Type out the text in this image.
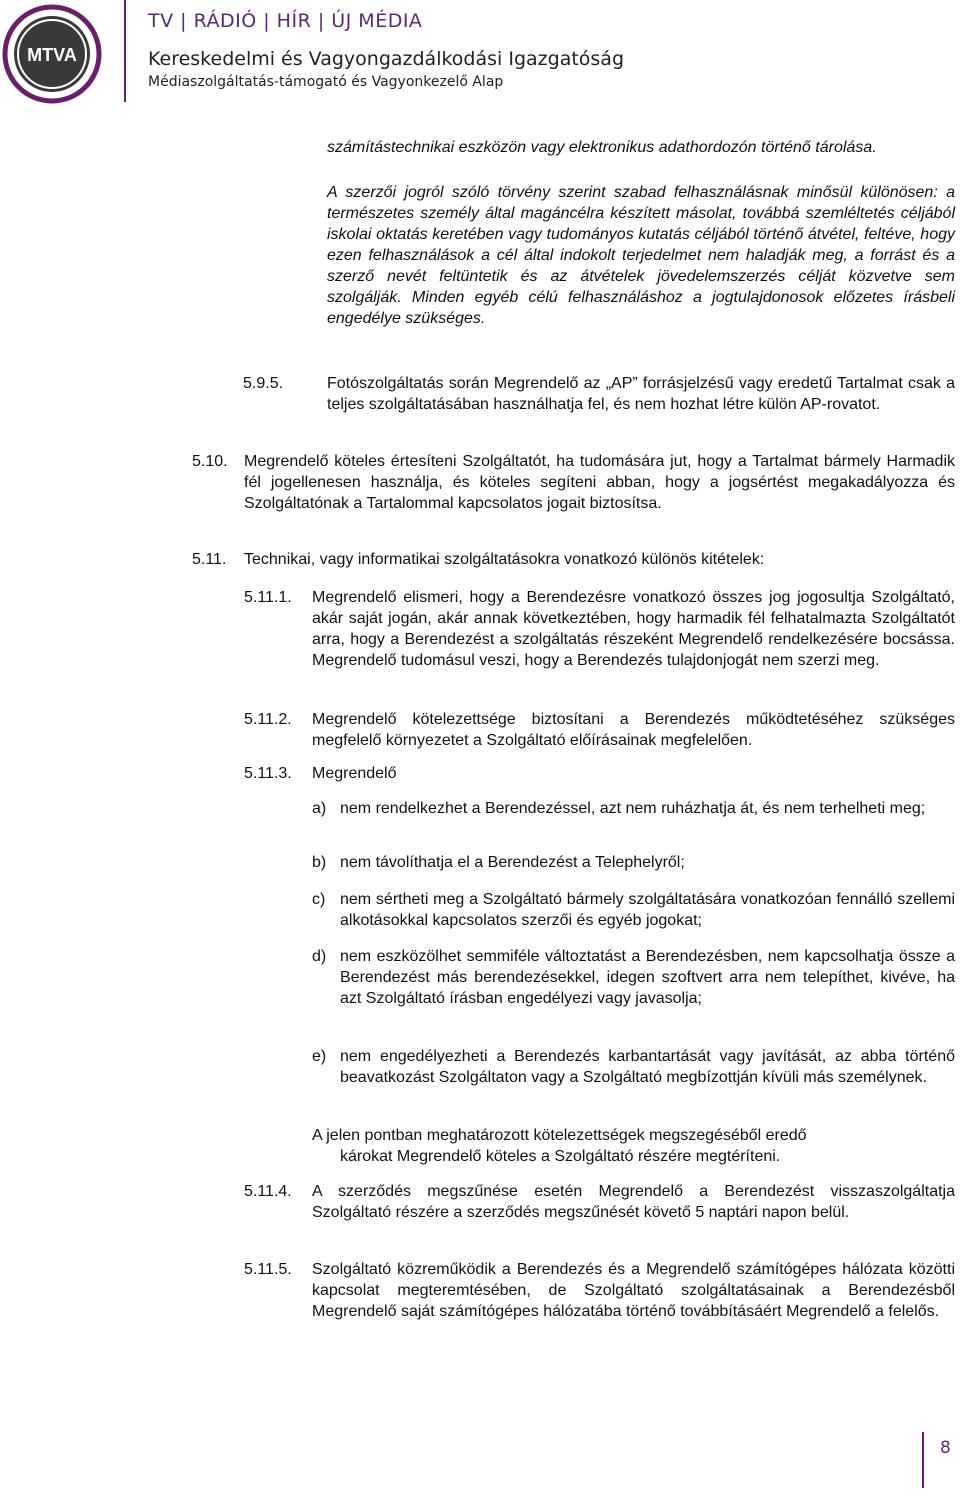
MTVA
TV | RÁDIÓ | HÍR | ÚJ MÉDIA
Kereskedelmi és Vagyongazdálkodási Igazgatóság
Médiaszolgáltatás-támogató és Vagyonkezelő Alap

számítástechnikai eszközön vagy elektronikus adathordozón történő tárolása.

A szerzői jogról szóló törvény szerint szabad felhasználásnak minősül különösen: a természetes személy által magáncélra készített másolat, továbbá szemléltetés céljából iskolai oktatás keretében vagy tudományos kutatás céljából történő átvétel, feltéve, hogy ezen felhasználások a cél által indokolt terjedelmet nem haladják meg, a forrást és a szerző nevét feltüntetik és az átvételek jövedelemszerzés célját közvetve sem szolgálják. Minden egyéb célú felhasználáshoz a jogtulajdonosok előzetes írásbeli engedélye szükséges.

5.9.5.	Fotószolgáltatás során Megrendelő az „AP” forrásjelzésű vagy eredetű Tartalmat csak a teljes szolgáltatásában használhatja fel, és nem hozhat létre külön AP-rovatot.

5.10. Megrendelő köteles értesíteni Szolgáltatót, ha tudomására jut, hogy a Tartalmat bármely Harmadik fél jogellenesen használja, és köteles segíteni abban, hogy a jogsértést megakadályozza és Szolgáltatónak a Tartalommal kapcsolatos jogait biztosítsa.

5.11. Technikai, vagy informatikai szolgáltatásokra vonatkozó különös kitételek:

5.11.1. Megrendelő elismeri, hogy a Berendezésre vonatkozó összes jog jogosultja Szolgáltató, akár saját jogán, akár annak következtében, hogy harmadik fél felhatalmazta Szolgáltatót arra, hogy a Berendezést a szolgáltatás részeként Megrendelő rendelkezésére bocsássa. Megrendelő tudomásul veszi, hogy a Berendezés tulajdonjogát nem szerzi meg.

5.11.2. Megrendelő kötelezettsége biztosítani a Berendezés működtetéséhez szükséges megfelelő környezetet a Szolgáltató előírásainak megfelelően.

5.11.3. Megrendelő

a) nem rendelkezhet a Berendezéssel, azt nem ruházhatja át, és nem terhelheti meg;

b) nem távolíthatja el a Berendezést a Telephelyről;

c) nem sértheti meg a Szolgáltató bármely szolgáltatására vonatkozóan fennálló szellemi alkotásokkal kapcsolatos szerzői és egyéb jogokat;

d) nem eszközölhet semmiféle változtatást a Berendezésben, nem kapcsolhatja össze a Berendezést más berendezésekkel, idegen szoftvert arra nem telepíthet, kivéve, ha azt Szolgáltató írásban engedélyezi vagy javasolja;

e) nem engedélyezheti a Berendezés karbantartását vagy javítását, az abba történő beavatkozást Szolgáltaton vagy a Szolgáltató megbízottján kívüli más személynek.

A jelen pontban meghatározott kötelezettségek megszegéséből eredő

károkat Megrendelő köteles a Szolgáltató részére megtéríteni.

5.11.4. A szerződés megszűnése esetén Megrendelő a Berendezést visszaszolgáltatja Szolgáltató részére a szerződés megszűnését követő 5 naptári napon belül.

5.11.5. Szolgáltató közreműködik a Berendezés és a Megrendelő számítógépes hálózata közötti kapcsolat megteremtésében, de Szolgáltató szolgáltatásainak a Berendezésből Megrendelő saját számítógépes hálózatába történő továbbításáért Megrendelő a felelős.

8
